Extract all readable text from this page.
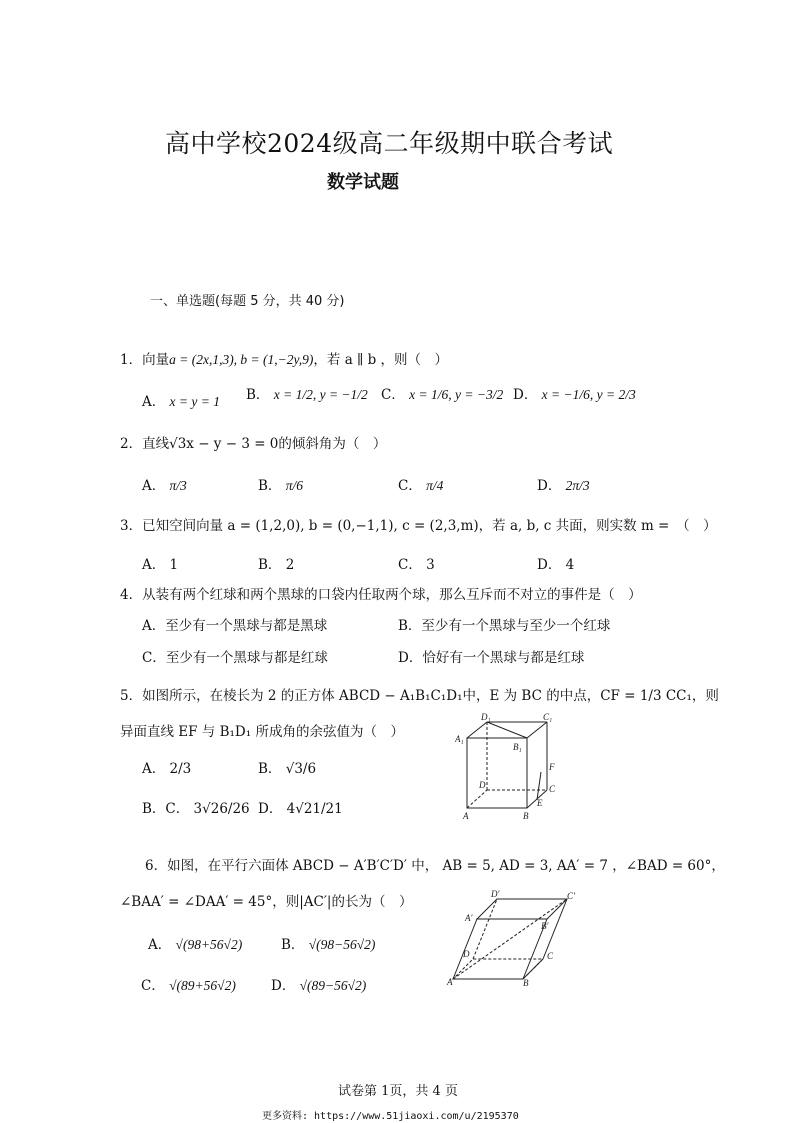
高中学校2024级高二年级期中联合考试
数学试题
一、单选题(每题 5 分，共 40 分)
1．向量a = (2x,1,3), b = (1,−2y,9)，若 a ∥ b ，则（　）
A． x = y = 1 B． x = 1/2, y = −1/2 C． x = 1/6, y = −3/2 D． x = −1/6, y = 2/3
2．直线√3x − y − 3 = 0的倾斜角为（　）
A． π/3	B． π/6	C． π/4	D． 2π/3
3．已知空间向量 a = (1,2,0), b = (0,−1,1), c = (2,3,m)，若 a, b, c 共面，则实数 m =　（　）
A． 1	B． 2	C． 3	D． 4
4．从装有两个红球和两个黑球的口袋内任取两个球，那么互斥而不对立的事件是（　）
A．至少有一个黑球与都是黑球	B．至少有一个黑球与至少一个红球
C．至少有一个黑球与都是红球	D．恰好有一个黑球与都是红球
5．如图所示，在棱长为 2 的正方体 ABCD − A₁B₁C₁D₁中，E 为 BC 的中点，CF = 1/3 CC₁，则
异面直线 EF 与 B₁D₁ 所成角的余弦值为（　）
A． 2/3	B． √3/6
B．C． 3√26/26 D． 4√21/21
D₁	C₁
A₁
B₁
F
D	C
E
A	B
6．如图，在平行六面体 ABCD − A′B′C′D′ 中， AB = 5, AD = 3, AA′ = 7 ，∠BAD = 60°，
∠BAA′ = ∠DAA′ = 45°，则|AC′|的长为（　）
A． √(98+56√2)	B． √(98−56√2)
C． √(89+56√2)	D． √(89−56√2)
D′	C′
A′
B′
D	C
A	B
试卷第 1页，共 4 页
更多资料: https://www.51jiaoxi.com/u/2195370
